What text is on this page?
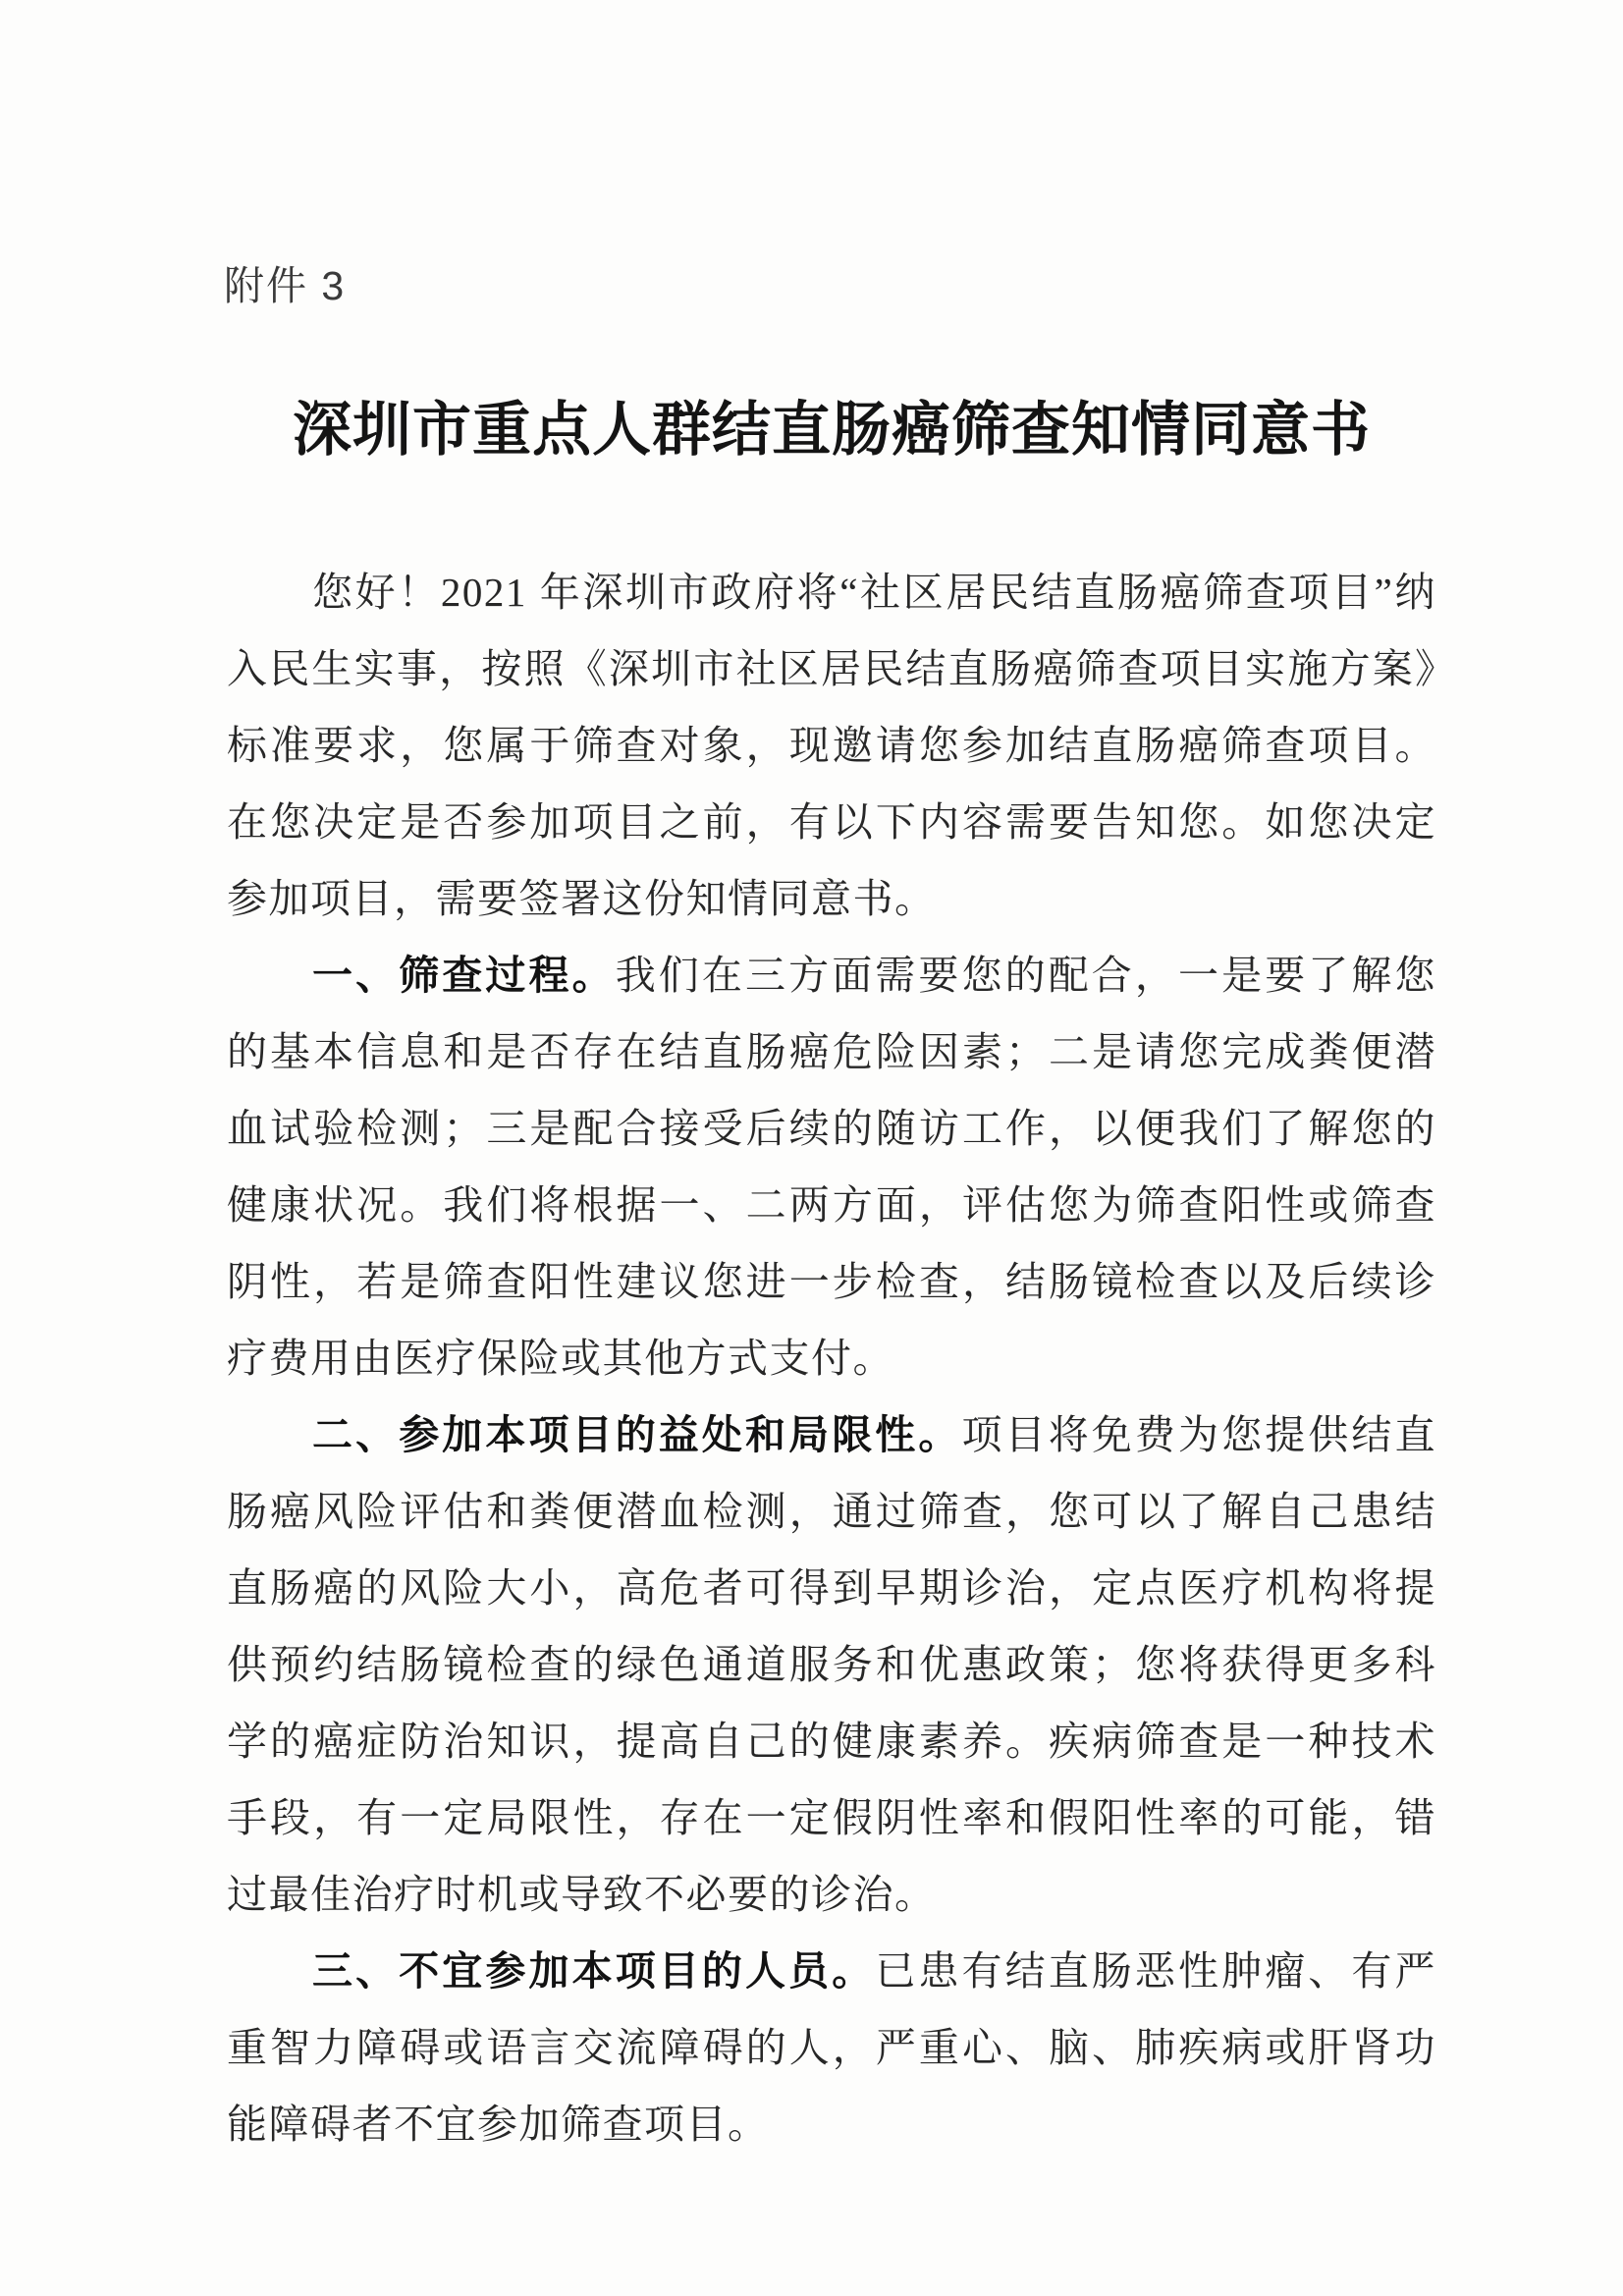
附件 3
深圳市重点人群结直肠癌筛查知情同意书

您好！2021 年深圳市政府将“社区居民结直肠癌筛查项目”纳入民生实事，按照《深圳市社区居民结直肠癌筛查项目实施方案》标准要求，您属于筛查对象，现邀请您参加结直肠癌筛查项目。在您决定是否参加项目之前，有以下内容需要告知您。如您决定参加项目，需要签署这份知情同意书。

一、筛查过程。我们在三方面需要您的配合，一是要了解您的基本信息和是否存在结直肠癌危险因素；二是请您完成粪便潜血试验检测；三是配合接受后续的随访工作，以便我们了解您的健康状况。我们将根据一、二两方面，评估您为筛查阳性或筛查阴性，若是筛查阳性建议您进一步检查，结肠镜检查以及后续诊疗费用由医疗保险或其他方式支付。

二、参加本项目的益处和局限性。项目将免费为您提供结直肠癌风险评估和粪便潜血检测，通过筛查，您可以了解自己患结直肠癌的风险大小，高危者可得到早期诊治，定点医疗机构将提供预约结肠镜检查的绿色通道服务和优惠政策；您将获得更多科学的癌症防治知识，提高自己的健康素养。疾病筛查是一种技术手段，有一定局限性，存在一定假阴性率和假阳性率的可能，错过最佳治疗时机或导致不必要的诊治。

三、不宜参加本项目的人员。已患有结直肠恶性肿瘤、有严重智力障碍或语言交流障碍的人，严重心、脑、肺疾病或肝肾功能障碍者不宜参加筛查项目。
